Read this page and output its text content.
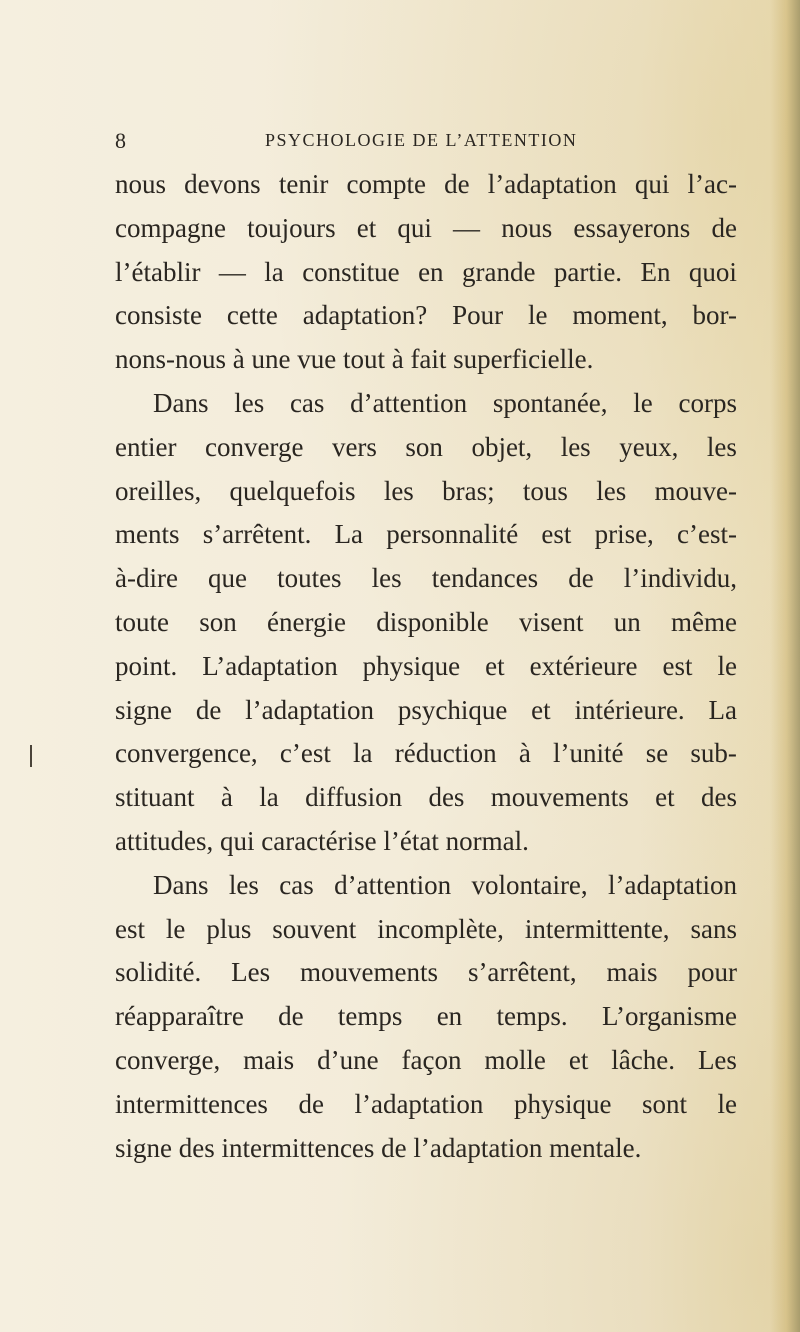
8	PSYCHOLOGIE DE L’ATTENTION
nous devons tenir compte de l’adaptation qui l’ac-
compagne toujours et qui — nous essayerons de
l’établir — la constitue en grande partie. En quoi
consiste cette adaptation? Pour le moment, bor-
nons-nous à une vue tout à fait superficielle.
Dans les cas d’attention spontanée, le corps
entier converge vers son objet, les yeux, les
oreilles, quelquefois les bras; tous les mouve-
ments s’arrêtent. La personnalité est prise, c’est-
à-dire que toutes les tendances de l’individu,
toute son énergie disponible visent un même
point. L’adaptation physique et extérieure est le
signe de l’adaptation psychique et intérieure. La
convergence, c’est la réduction à l’unité se sub-
stituant à la diffusion des mouvements et des
attitudes, qui caractérise l’état normal.
Dans les cas d’attention volontaire, l’adaptation
est le plus souvent incomplète, intermittente, sans
solidité. Les mouvements s’arrêtent, mais pour
réapparaître de temps en temps. L’organisme
converge, mais d’une façon molle et lâche. Les
intermittences de l’adaptation physique sont le
signe des intermittences de l’adaptation mentale.
